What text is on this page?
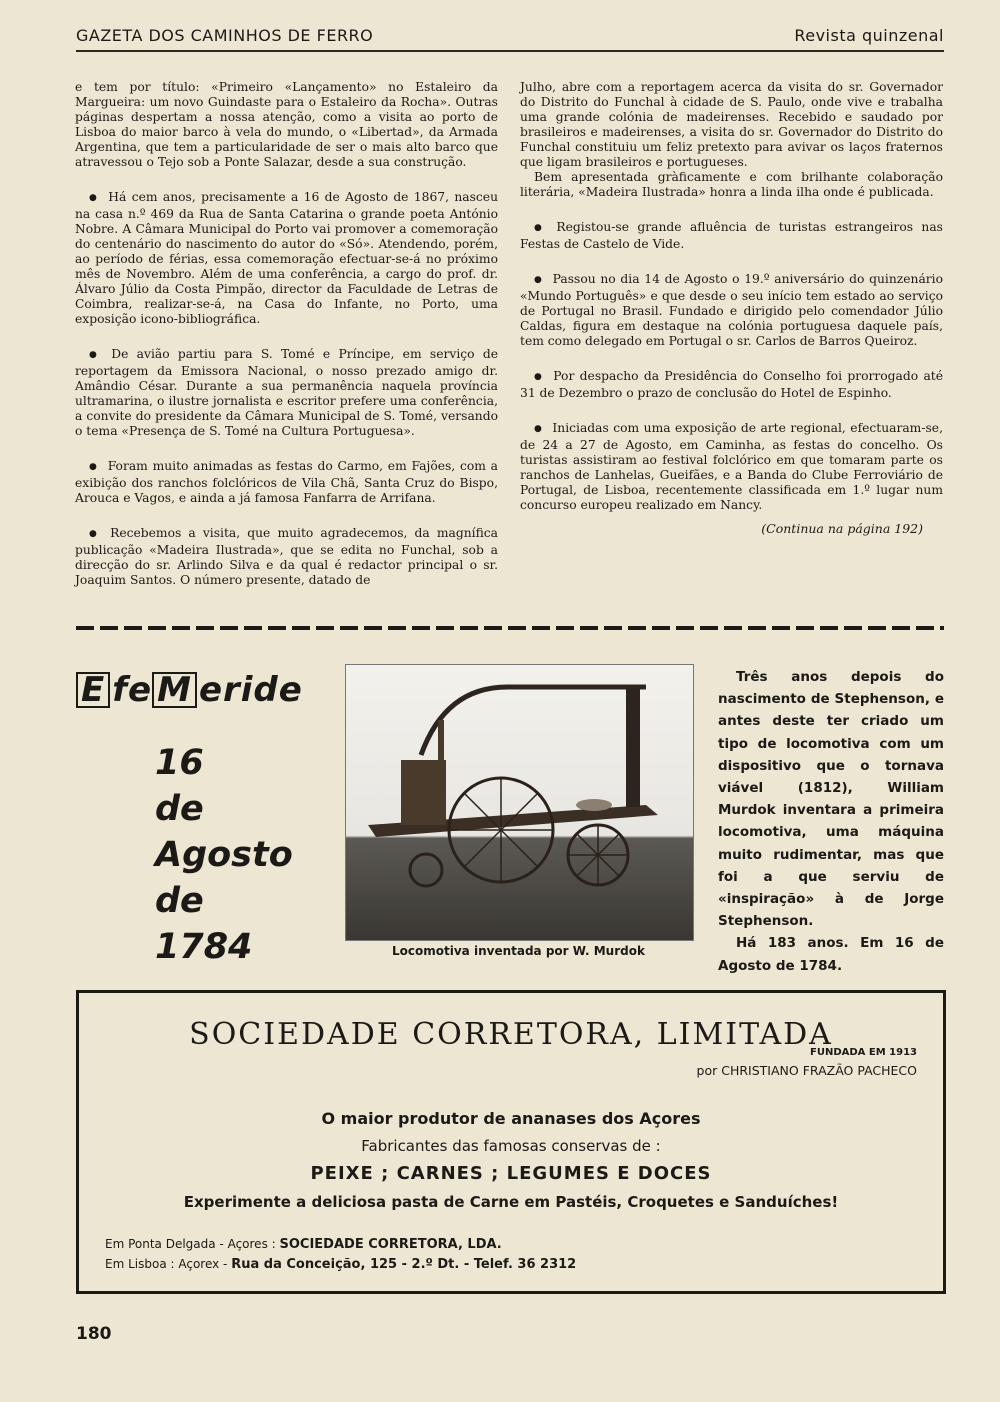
GAZETA DOS CAMINHOS DE FERRO	Revista quinzenal

e tem por título: «Primeiro «Lançamento» no Estaleiro da Margueira: um novo Guindaste para o Estaleiro da Rocha». Outras páginas despertam a nossa atenção, como a visita ao porto de Lisboa do maior barco à vela do mundo, o «Libertad», da Armada Argentina, que tem a particularidade de ser o mais alto barco que atravessou o Tejo sob a Ponte Salazar, desde a sua construção.

● Há cem anos, precisamente a 16 de Agosto de 1867, nasceu na casa n.º 469 da Rua de Santa Catarina o grande poeta António Nobre. A Câmara Municipal do Porto vai promover a comemoração do centenário do nascimento do autor do «Só». Atendendo, porém, ao período de férias, essa comemoração efectuar-se-á no próximo mês de Novembro. Além de uma conferência, a cargo do prof. dr. Álvaro Júlio da Costa Pimpão, director da Faculdade de Letras de Coimbra, realizar-se-á, na Casa do Infante, no Porto, uma exposição icono-bibliográfica.

● De avião partiu para S. Tomé e Príncipe, em serviço de reportagem da Emissora Nacional, o nosso prezado amigo dr. Amândio César. Durante a sua permanência naquela província ultramarina, o ilustre jornalista e escritor prefere uma conferência, a convite do presidente da Câmara Municipal de S. Tomé, versando o tema «Presença de S. Tomé na Cultura Portuguesa».

● Foram muito animadas as festas do Carmo, em Fajões, com a exibição dos ranchos folclóricos de Vila Chã, Santa Cruz do Bispo, Arouca e Vagos, e ainda a já famosa Fanfarra de Arrifana.

● Recebemos a visita, que muito agradecemos, da magnífica publicação «Madeira Ilustrada», que se edita no Funchal, sob a direcção do sr. Arlindo Silva e da qual é redactor principal o sr. Joaquim Santos. O número presente, datado de

Julho, abre com a reportagem acerca da visita do sr. Governador do Distrito do Funchal à cidade de S. Paulo, onde vive e trabalha uma grande colónia de madeirenses. Recebido e saudado por brasileiros e madeirenses, a visita do sr. Governador do Distrito do Funchal constituiu um feliz pretexto para avivar os laços fraternos que ligam brasileiros e portugueses.

Bem apresentada gràficamente e com brilhante colaboração literária, «Madeira Ilustrada» honra a linda ilha onde é publicada.

● Registou-se grande afluência de turistas estrangeiros nas Festas de Castelo de Vide.

● Passou no dia 14 de Agosto o 19.º aniversário do quinzenário «Mundo Português» e que desde o seu início tem estado ao serviço de Portugal no Brasil. Fundado e dirigido pelo comendador Júlio Caldas, figura em destaque na colónia portuguesa daquele país, tem como delegado em Portugal o sr. Carlos de Barros Queiroz.

● Por despacho da Presidência do Conselho foi prorrogado até 31 de Dezembro o prazo de conclusão do Hotel de Espinho.

● Iniciadas com uma exposição de arte regional, efectuaram-se, de 24 a 27 de Agosto, em Caminha, as festas do concelho. Os turistas assistiram ao festival folclórico em que tomaram parte os ranchos de Lanhelas, Gueifães, e a Banda do Clube Ferroviário de Portugal, de Lisboa, recentemente classificada em 1.º lugar num concurso europeu realizado em Nancy.

(Continua na página 192)
E fe M eride
16
de
Agosto
de
1784	Locomotiva inventada por W. Murdok

Três anos depois do nascimento de Stephenson, e antes deste ter criado um tipo de locomotiva com um dispositivo que o tornava viável (1812), William Murdok inventara a primeira locomotiva, uma máquina muito rudimentar, mas que foi a que serviu de «inspiração» à de Jorge Stephenson.

Há 183 anos. Em 16 de Agosto de 1784.

SOCIEDADE CORRETORA, LIMITADA
FUNDADA EM 1913
por CHRISTIANO FRAZÃO PACHECO
O maior produtor de ananases dos Açores
Fabricantes das famosas conservas de :
PEIXE ; CARNES ; LEGUMES E DOCES
Experimente a deliciosa pasta de Carne em Pastéis, Croquetes e Sanduíches!
Em Ponta Delgada - Açores : SOCIEDADE CORRETORA, LDA.
Em Lisboa : Açorex - Rua da Conceição, 125 - 2.º Dt. - Telef. 36 2312
180
